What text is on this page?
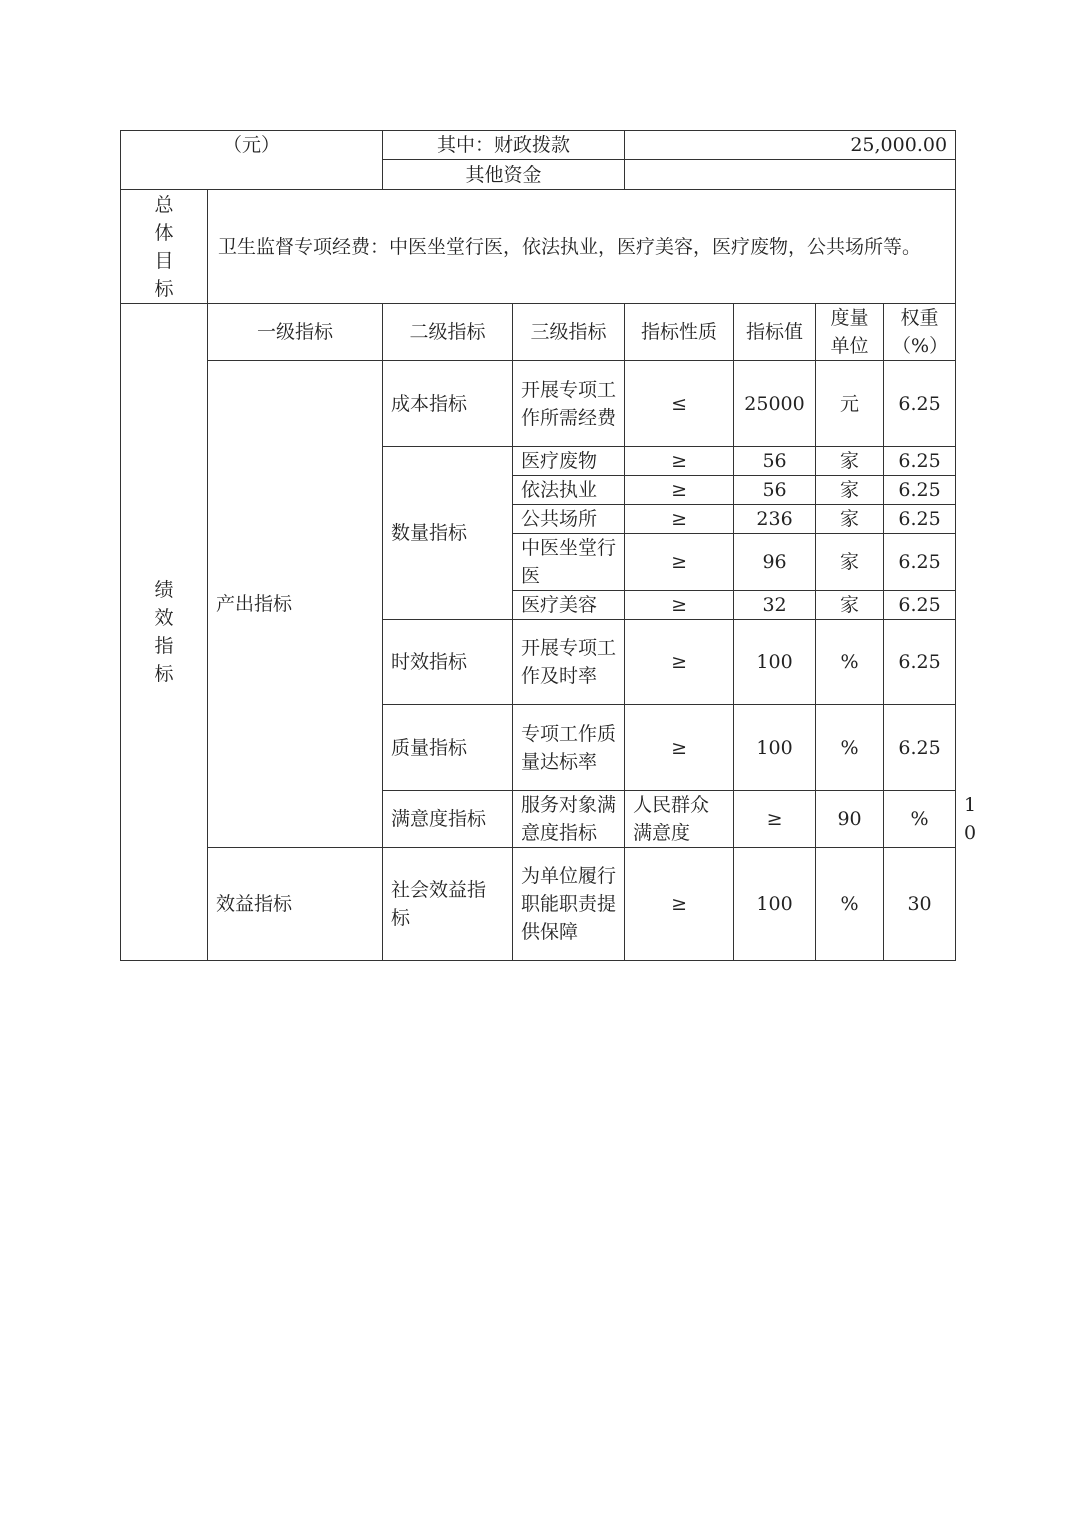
（元）		其中：财政拨款		25,000.00				
		其他资金						

总
体
目
标	卫生监督专项经费：中医坐堂行医，依法执业，医疗美容，医疗废物，公共场所等。							

绩
效
指
标	一级指标	二级指标	三级指标	指标性质	指标值	度量单位	权重（%）	
	产出指标	成本指标	开展专项工作所需经费	≤	25000	元	6.25	
		数量指标	医疗废物	≥	56	家	6.25	
			依法执业	≥	56	家	6.25	
			公共场所	≥	236	家	6.25	
			中医坐堂行医	≥	96	家	6.25	
			医疗美容	≥	32	家	6.25	
		时效指标	开展专项工作及时率	≥	100	%	6.25	
		质量指标	专项工作质量达标率	≥	100	%	6.25	
		满意度指标	服务对象满意度指标	人民群众满意度	≥	90	%	10
	效益指标	社会效益指标	为单位履行职能职责提供保障	≥	100	%	30	
